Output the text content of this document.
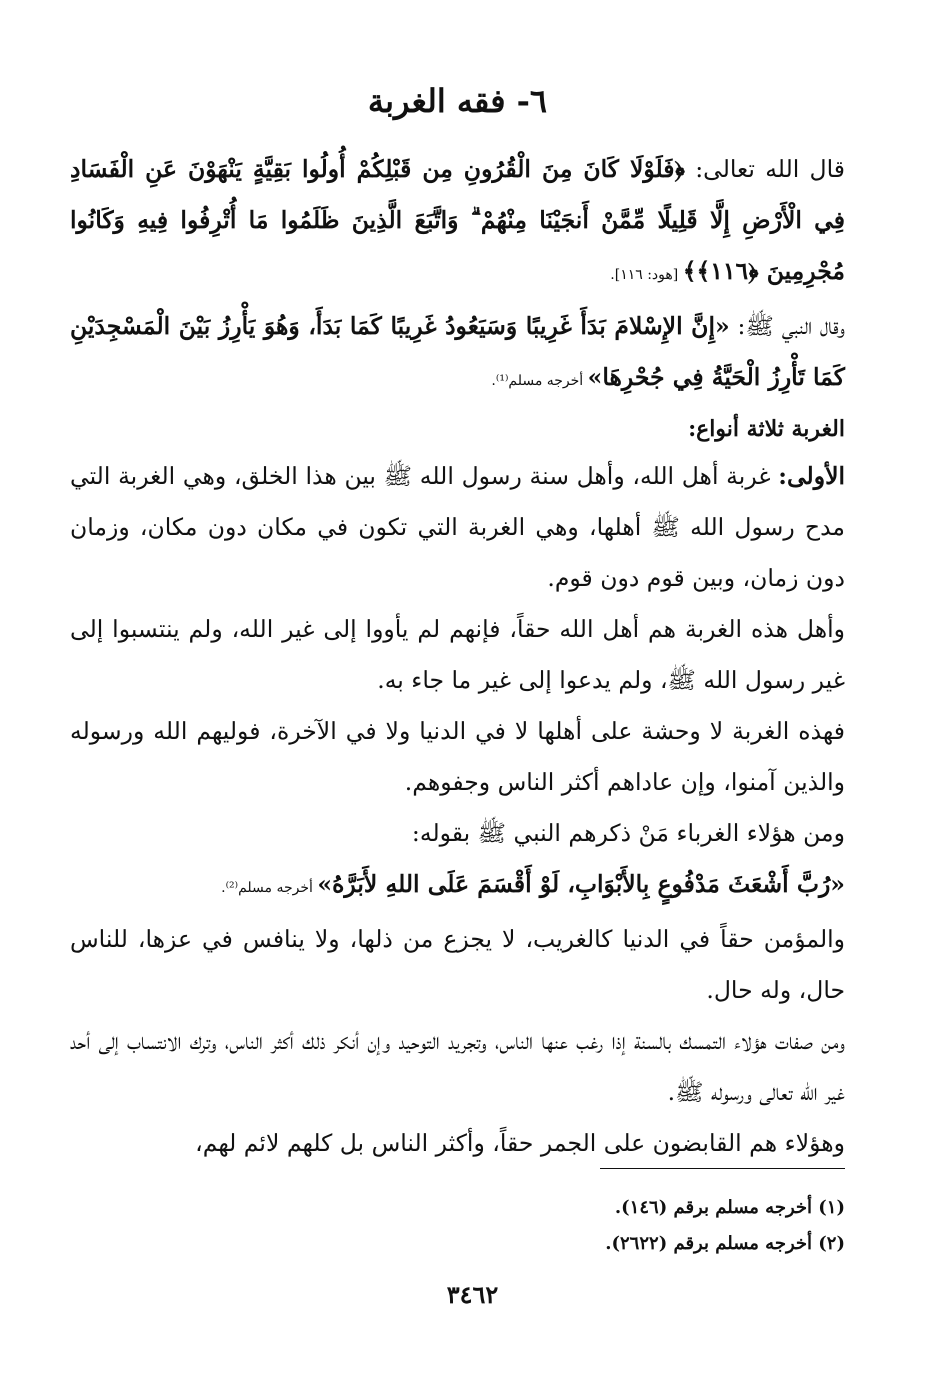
٦- فقه الغربة

قال الله تعالى: ﴿فَلَوْلَا كَانَ مِنَ الْقُرُونِ مِن قَبْلِكُمْ أُولُوا بَقِيَّةٍ يَنْهَوْنَ عَنِ الْفَسَادِ فِي الْأَرْضِ إِلَّا قَلِيلًا مِّمَّنْ أَنجَيْنَا مِنْهُمْ ۗ وَاتَّبَعَ الَّذِينَ ظَلَمُوا مَا أُتْرِفُوا فِيهِ وَكَانُوا مُجْرِمِينَ ﴿١١٦﴾﴾ [هود: ١١٦].

وقال النبي ﷺ: «إِنَّ الإِسْلامَ بَدَأَ غَرِيبًا وَسَيَعُودُ غَرِيبًا كَمَا بَدَأَ، وَهُوَ يَأْرِزُ بَيْنَ الْمَسْجِدَيْنِ كَمَا تَأْرِزُ الْحَيَّةُ فِي جُحْرِهَا» أخرجه مسلم⁽¹⁾.

الغربة ثلاثة أنواع:

الأولى: غربة أهل الله، وأهل سنة رسول الله ﷺ بين هذا الخلق، وهي الغربة التي مدح رسول الله ﷺ أهلها، وهي الغربة التي تكون في مكان دون مكان، وزمان دون زمان، وبين قوم دون قوم.

وأهل هذه الغربة هم أهل الله حقاً، فإنهم لم يأووا إلى غير الله، ولم ينتسبوا إلى غير رسول الله ﷺ، ولم يدعوا إلى غير ما جاء به.

فهذه الغربة لا وحشة على أهلها لا في الدنيا ولا في الآخرة، فوليهم الله ورسوله والذين آمنوا، وإن عاداهم أكثر الناس وجفوهم.

ومن هؤلاء الغرباء مَنْ ذكرهم النبي ﷺ بقوله:

«رُبَّ أَشْعَثَ مَدْفُوعٍ بِالأَبْوَابِ، لَوْ أَقْسَمَ عَلَى اللهِ لأَبَرَّهُ» أخرجه مسلم⁽²⁾.

والمؤمن حقاً في الدنيا كالغريب، لا يجزع من ذلها، ولا ينافس في عزها، للناس حال، وله حال.

ومن صفات هؤلاء التمسك بالسنة إذا رغب عنها الناس، وتجريد التوحيد وإن أنكر ذلك أكثر الناس، وترك الانتساب إلى أحد غير الله تعالى ورسوله ﷺ.

وهؤلاء هم القابضون على الجمر حقاً، وأكثر الناس بل كلهم لائم لهم،

(١) أخرجه مسلم برقم (١٤٦).
(٢) أخرجه مسلم برقم (٢٦٢٢).
٣٤٦٢
